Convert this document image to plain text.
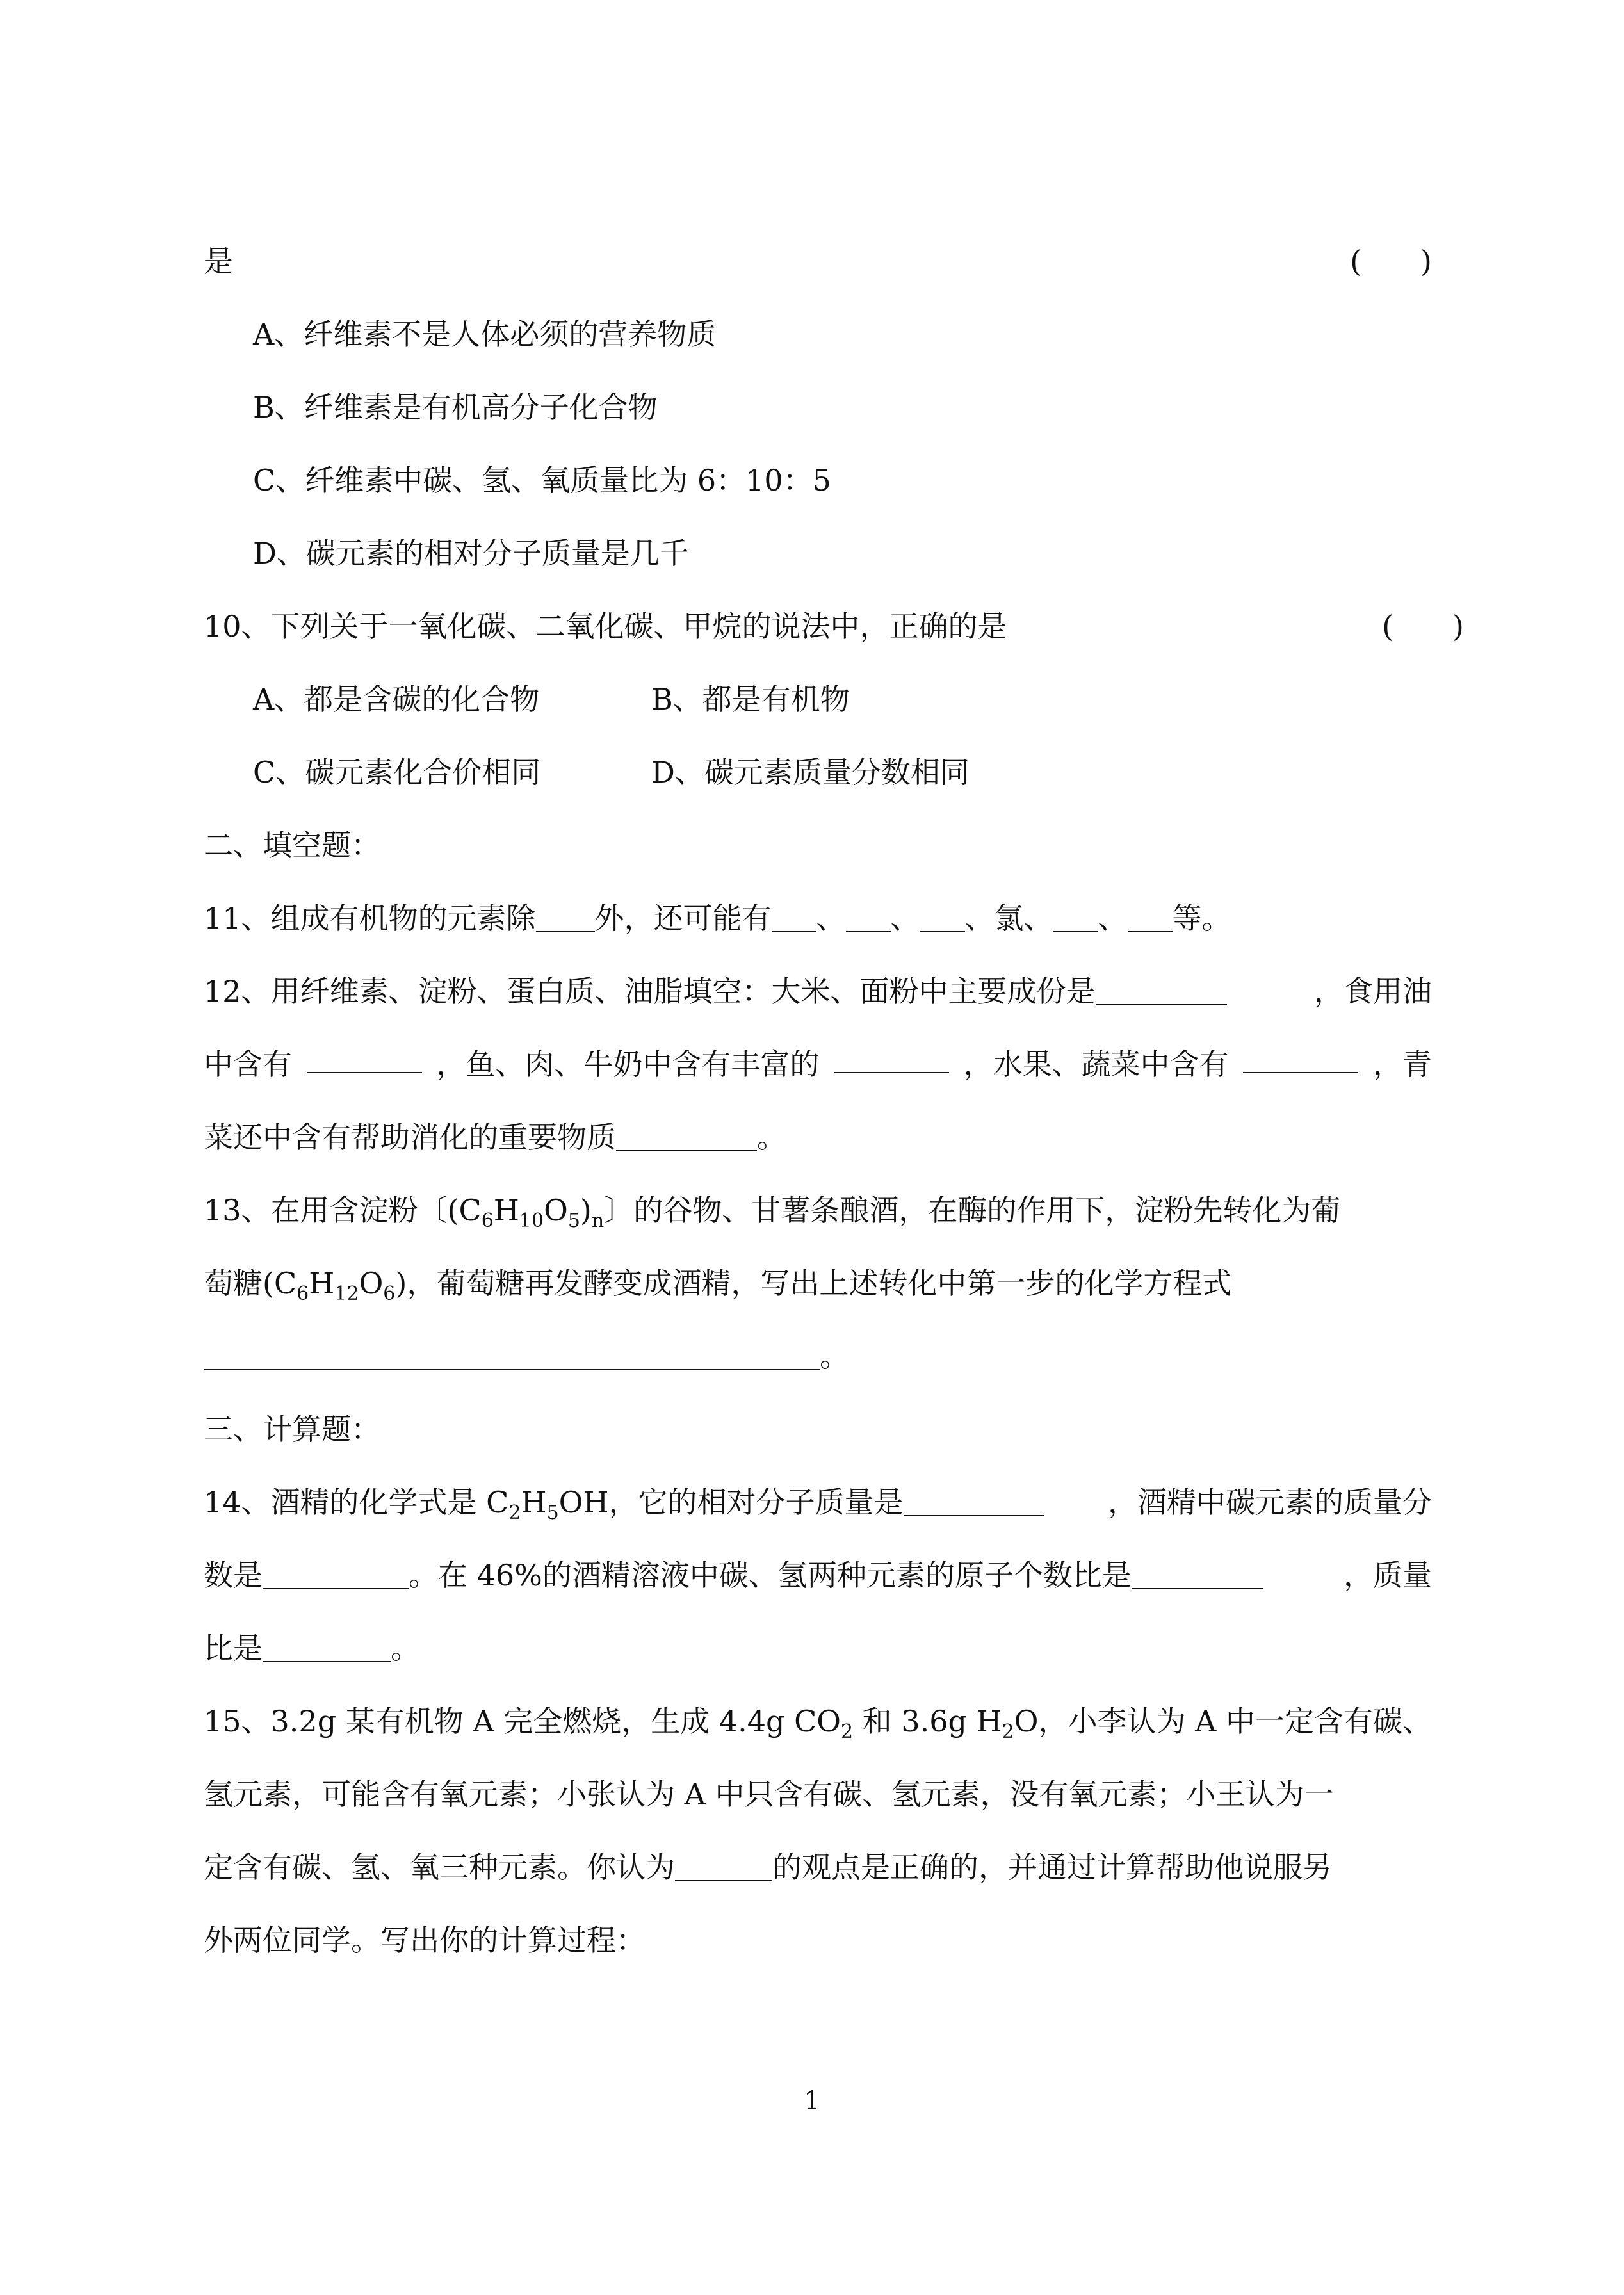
是	(　　)
A、纤维素不是人体必须的营养物质
B、纤维素是有机高分子化合物
C、纤维素中碳、氢、氧质量比为 6：10：5
D、碳元素的相对分子质量是几千
10、下列关于一氧化碳、二氧化碳、甲烷的说法中，正确的是	(　　)
A、都是含碳的化合物	B、都是有机物
C、碳元素化合价相同	D、碳元素质量分数相同
二、填空题：
11、组成有机物的元素除 外，还可能有 、 、 、氯、 、 等。
12、用纤维素、淀粉、蛋白质、油脂填空：大米、面粉中主要成份是	，食用油
中含有	，鱼、肉、牛奶中含有丰富的	，水果、蔬菜中含有	，青
菜还中含有帮助消化的重要物质	。
13、在用含淀粉〔$(C_6H_{10}O_5)_n$〕的谷物、甘薯条酿酒，在酶的作用下，淀粉先转化为葡
萄糖$(C_6H_{12}O_6)$，葡萄糖再发酵变成酒精，写出上述转化中第一步的化学方程式
。
三、计算题：
14、酒精的化学式是 $C_2H_5OH$，它的相对分子质量是	，酒精中碳元素的质量分
数是	。在 46%的酒精溶液中碳、氢两种元素的原子个数比是	，质量
比是	。
15、3.2g 某有机物 A 完全燃烧，生成 4.4g $CO_2$ 和 3.6g $H_2O$，小李认为 A 中一定含有碳、
氢元素，可能含有氧元素；小张认为 A 中只含有碳、氢元素，没有氧元素；小王认为一
定含有碳、氢、氧三种元素。你认为	的观点是正确的，并通过计算帮助他说服另
外两位同学。写出你的计算过程：
1
